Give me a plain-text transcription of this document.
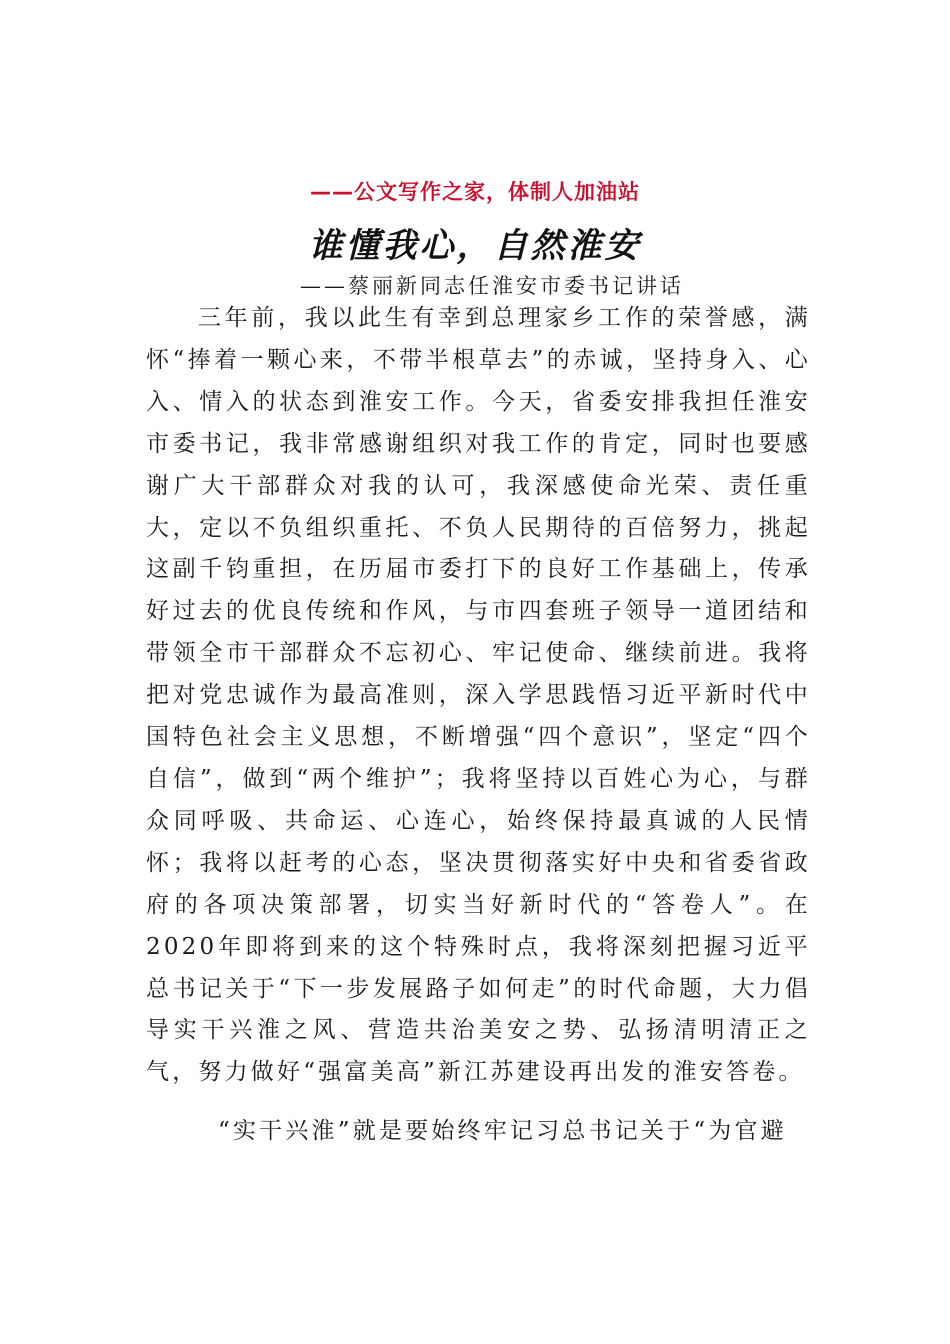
——公文写作之家，体制人加油站
谁懂我心，自然淮安
——蔡丽新同志任淮安市委书记讲话

三年前，我以此生有幸到总理家乡工作的荣誉感，满怀“捧着一颗心来，不带半根草去”的赤诚，坚持身入、心入、情入的状态到淮安工作。今天，省委安排我担任淮安市委书记，我非常感谢组织对我工作的肯定，同时也要感谢广大干部群众对我的认可，我深感使命光荣、责任重大，定以不负组织重托、不负人民期待的百倍努力，挑起这副千钧重担，在历届市委打下的良好工作基础上，传承好过去的优良传统和作风，与市四套班子领导一道团结和带领全市干部群众不忘初心、牢记使命、继续前进。我将把对党忠诚作为最高准则，深入学思践悟习近平新时代中国特色社会主义思想，不断增强“四个意识”，坚定“四个自信”，做到“两个维护”；我将坚持以百姓心为心，与群众同呼吸、共命运、心连心，始终保持最真诚的人民情怀；我将以赶考的心态，坚决贯彻落实好中央和省委省政府的各项决策部署，切实当好新时代的“答卷人”。在2020年即将到来的这个特殊时点，我将深刻把握习近平总书记关于“下一步发展路子如何走”的时代命题，大力倡导实干兴淮之风、营造共治美安之势、弘扬清明清正之气，努力做好“强富美高”新江苏建设再出发的淮安答卷。

“实干兴淮”就是要始终牢记习总书记关于“为官避
